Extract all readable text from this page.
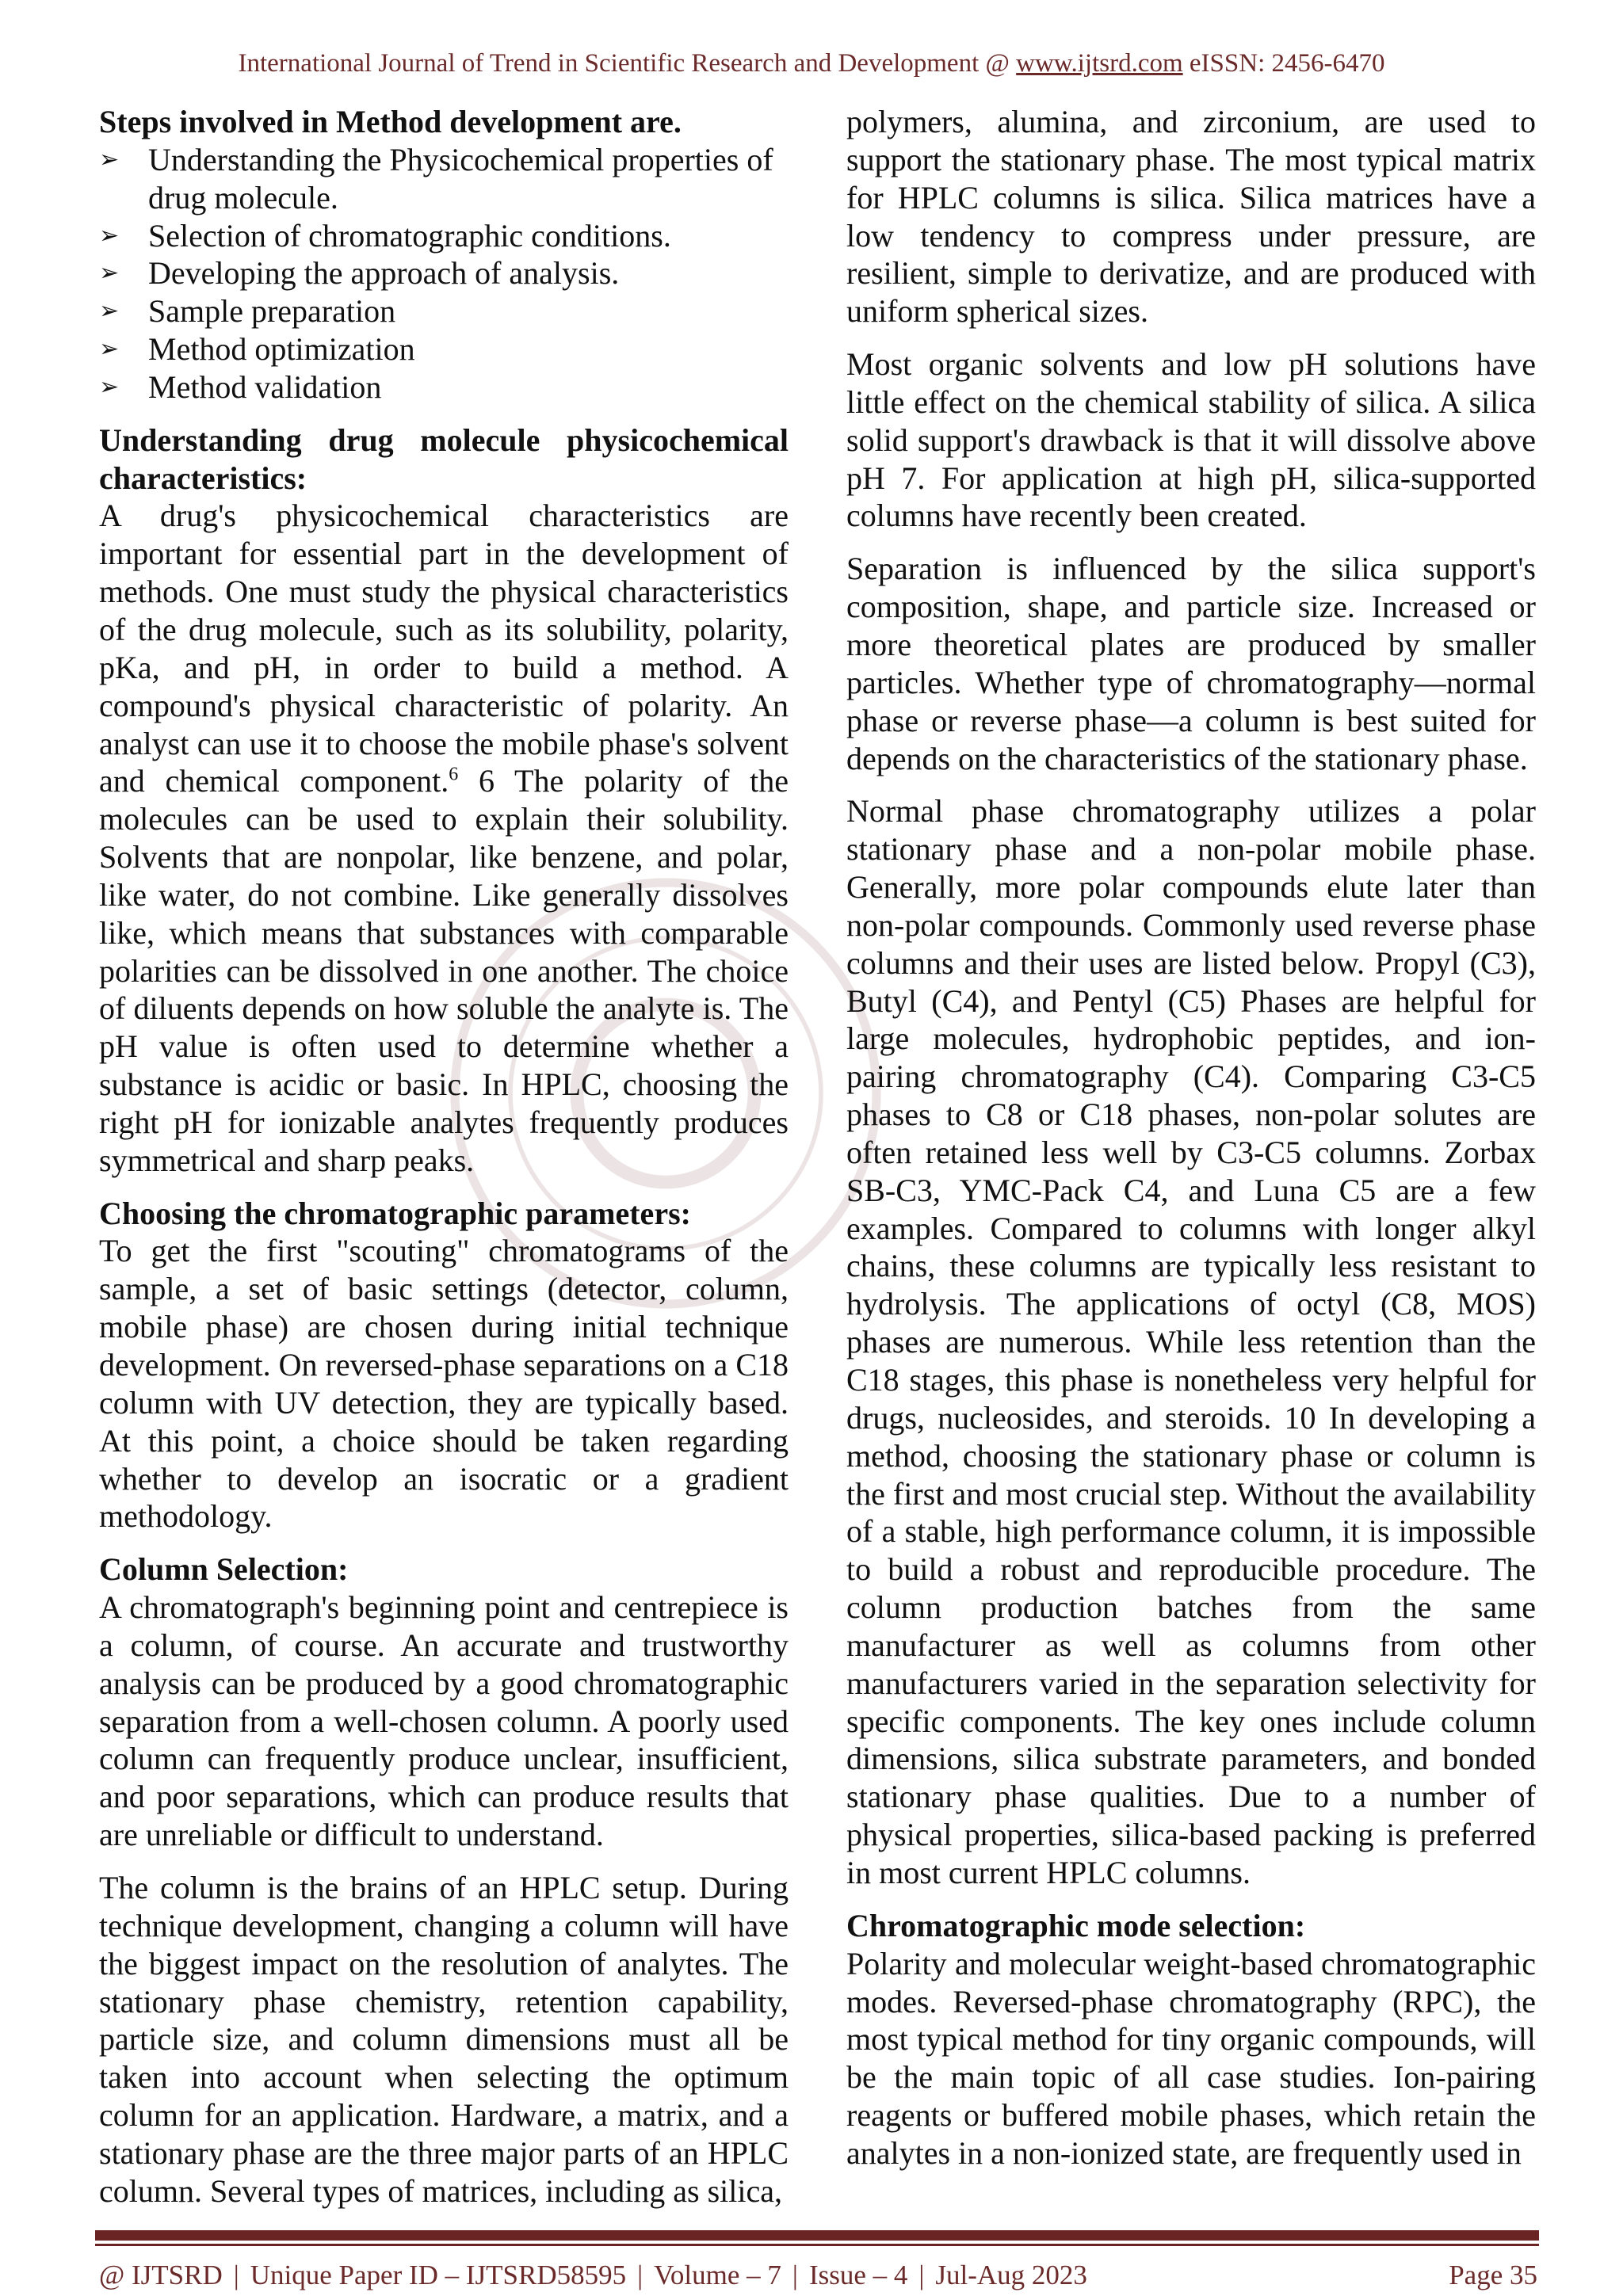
International Journal of Trend in Scientific Research and Development @ www.ijtsrd.com eISSN: 2456-6470
Steps involved in Method development are.
➢ Understanding the Physicochemical properties of drug molecule.
➢ Selection of chromatographic conditions.
➢ Developing the approach of analysis.
➢ Sample preparation
➢ Method optimization
➢ Method validation
Understanding drug molecule physicochemical characteristics:

A drug's physicochemical characteristics are important for essential part in the development of methods. One must study the physical characteristics of the drug molecule, such as its solubility, polarity, pKa, and pH, in order to build a method. A compound's physical characteristic of polarity. An analyst can use it to choose the mobile phase's solvent and chemical component.$^6$ 6 The polarity of the molecules can be used to explain their solubility. Solvents that are nonpolar, like benzene, and polar, like water, do not combine. Like generally dissolves like, which means that substances with comparable polarities can be dissolved in one another. The choice of diluents depends on how soluble the analyte is. The pH value is often used to determine whether a substance is acidic or basic. In HPLC, choosing the right pH for ionizable analytes frequently produces symmetrical and sharp peaks.

Choosing the chromatographic parameters:

To get the first "scouting" chromatograms of the sample, a set of basic settings (detector, column, mobile phase) are chosen during initial technique development. On reversed-phase separations on a C18 column with UV detection, they are typically based. At this point, a choice should be taken regarding whether to develop an isocratic or a gradient methodology.

Column Selection:

A chromatograph's beginning point and centrepiece is a column, of course. An accurate and trustworthy analysis can be produced by a good chromatographic separation from a well-chosen column. A poorly used column can frequently produce unclear, insufficient, and poor separations, which can produce results that are unreliable or difficult to understand.

The column is the brains of an HPLC setup. During technique development, changing a column will have the biggest impact on the resolution of analytes. The stationary phase chemistry, retention capability, particle size, and column dimensions must all be taken into account when selecting the optimum column for an application. Hardware, a matrix, and a stationary phase are the three major parts of an HPLC column. Several types of matrices, including as silica,

polymers, alumina, and zirconium, are used to support the stationary phase. The most typical matrix for HPLC columns is silica. Silica matrices have a low tendency to compress under pressure, are resilient, simple to derivatize, and are produced with uniform spherical sizes.

Most organic solvents and low pH solutions have little effect on the chemical stability of silica. A silica solid support's drawback is that it will dissolve above pH 7. For application at high pH, silica-supported columns have recently been created.

Separation is influenced by the silica support's composition, shape, and particle size. Increased or more theoretical plates are produced by smaller particles. Whether type of chromatography—normal phase or reverse phase—a column is best suited for depends on the characteristics of the stationary phase.

Normal phase chromatography utilizes a polar stationary phase and a non-polar mobile phase. Generally, more polar compounds elute later than non-polar compounds. Commonly used reverse phase columns and their uses are listed below. Propyl (C3), Butyl (C4), and Pentyl (C5) Phases are helpful for large molecules, hydrophobic peptides, and ion-pairing chromatography (C4). Comparing C3-C5 phases to C8 or C18 phases, non-polar solutes are often retained less well by C3-C5 columns. Zorbax SB-C3, YMC-Pack C4, and Luna C5 are a few examples. Compared to columns with longer alkyl chains, these columns are typically less resistant to hydrolysis. The applications of octyl (C8, MOS) phases are numerous. While less retention than the C18 stages, this phase is nonetheless very helpful for drugs, nucleosides, and steroids. 10 In developing a method, choosing the stationary phase or column is the first and most crucial step. Without the availability of a stable, high performance column, it is impossible to build a robust and reproducible procedure. The column production batches from the same manufacturer as well as columns from other manufacturers varied in the separation selectivity for specific components. The key ones include column dimensions, silica substrate parameters, and bonded stationary phase qualities. Due to a number of physical properties, silica-based packing is preferred in most current HPLC columns.

Chromatographic mode selection:

Polarity and molecular weight-based chromatographic modes. Reversed-phase chromatography (RPC), the most typical method for tiny organic compounds, will be the main topic of all case studies. Ion-pairing reagents or buffered mobile phases, which retain the analytes in a non-ionized state, are frequently used in

@ IJTSRD | Unique Paper ID – IJTSRD58595 | Volume – 7 | Issue – 4 | Jul-Aug 2023	Page 35
